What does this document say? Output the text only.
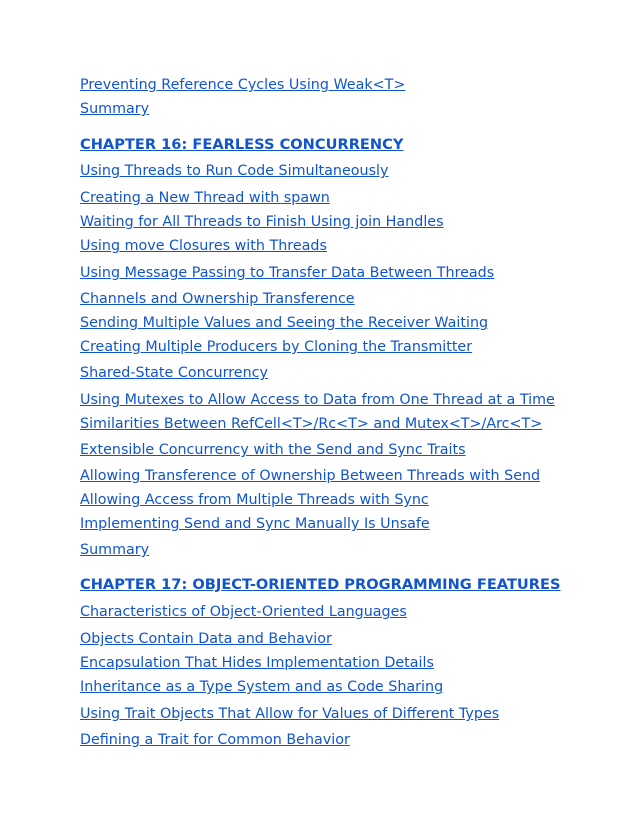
Preventing Reference Cycles Using Weak<T>
Summary
CHAPTER 16: FEARLESS CONCURRENCY
Using Threads to Run Code Simultaneously
Creating a New Thread with spawn
Waiting for All Threads to Finish Using join Handles
Using move Closures with Threads
Using Message Passing to Transfer Data Between Threads
Channels and Ownership Transference
Sending Multiple Values and Seeing the Receiver Waiting
Creating Multiple Producers by Cloning the Transmitter
Shared-State Concurrency
Using Mutexes to Allow Access to Data from One Thread at a Time
Similarities Between RefCell<T>/Rc<T> and Mutex<T>/Arc<T>
Extensible Concurrency with the Send and Sync Traits
Allowing Transference of Ownership Between Threads with Send
Allowing Access from Multiple Threads with Sync
Implementing Send and Sync Manually Is Unsafe
Summary
CHAPTER 17: OBJECT-ORIENTED PROGRAMMING FEATURES
Characteristics of Object-Oriented Languages
Objects Contain Data and Behavior
Encapsulation That Hides Implementation Details
Inheritance as a Type System and as Code Sharing
Using Trait Objects That Allow for Values of Different Types
Defining a Trait for Common Behavior
